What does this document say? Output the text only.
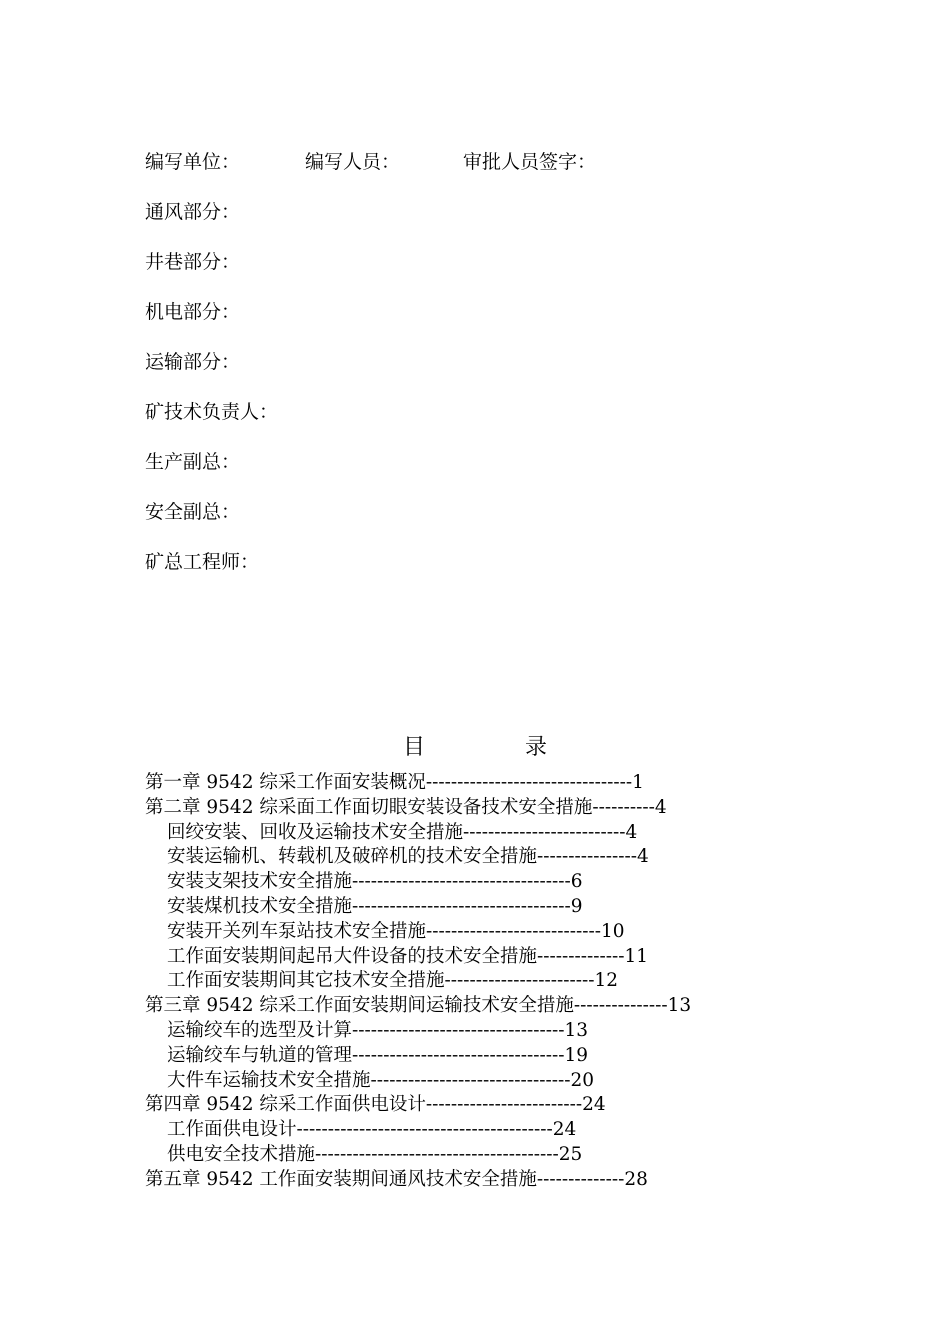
编写单位：	编写人员：	审批人员签字：
通风部分：
井巷部分：
机电部分：
运输部分：
矿技术负责人：
生产副总：
安全副总：
矿总工程师：
目	录
第一章 9542 综采工作面安装概况---------------------------------1
第二章 9542 综采面工作面切眼安装设备技术安全措施----------4
回绞安装、回收及运输技术安全措施--------------------------4
安装运输机、转载机及破碎机的技术安全措施----------------4
安装支架技术安全措施-----------------------------------6
安装煤机技术安全措施-----------------------------------9
安装开关列车泵站技术安全措施----------------------------10
工作面安装期间起吊大件设备的技术安全措施--------------11
工作面安装期间其它技术安全措施------------------------12
第三章 9542 综采工作面安装期间运输技术安全措施---------------13
运输绞车的选型及计算----------------------------------13
运输绞车与轨道的管理----------------------------------19
大件车运输技术安全措施--------------------------------20
第四章 9542 综采工作面供电设计-------------------------24
工作面供电设计-----------------------------------------24
供电安全技术措施---------------------------------------25
第五章 9542 工作面安装期间通风技术安全措施--------------28
